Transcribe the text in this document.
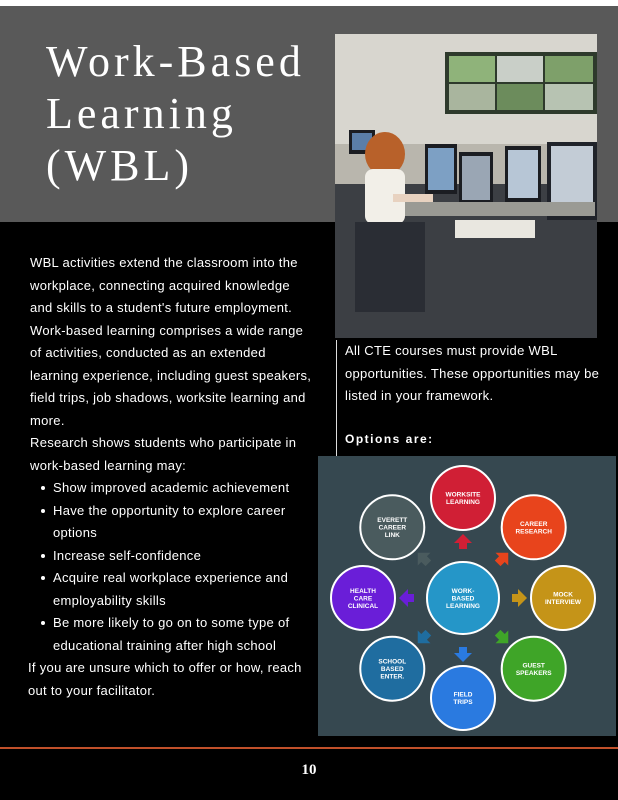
Work-Based
Learning
(WBL)

WBL activities extend the classroom into the workplace, connecting acquired knowledge and skills to a student's future employment. Work-based learning comprises a wide range of activities, conducted as an extended learning experience, including guest speakers, field trips, job shadows, worksite learning and more.

Research shows students who participate in work-based learning may:

Show improved academic achievement
Have the opportunity to explore career options
Increase self-confidence
Acquire real workplace experience and employability skills
Be more likely to go on to some type of educational training after high school

If you are unsure which to offer or how, reach out to your facilitator.

All CTE courses must provide WBL opportunities. These opportunities may be listed in your framework.

Options are:
WORKSITE
LEARNING
CAREER
RESEARCH
MOCK
INTERVIEW
GUEST
SPEAKERS
FIELD
TRIPS
SCHOOL
BASED
ENTER.
HEALTH
CARE
CLINICAL
EVERETT
CAREER
LINK
WORK-
BASED
LEARNING
10
